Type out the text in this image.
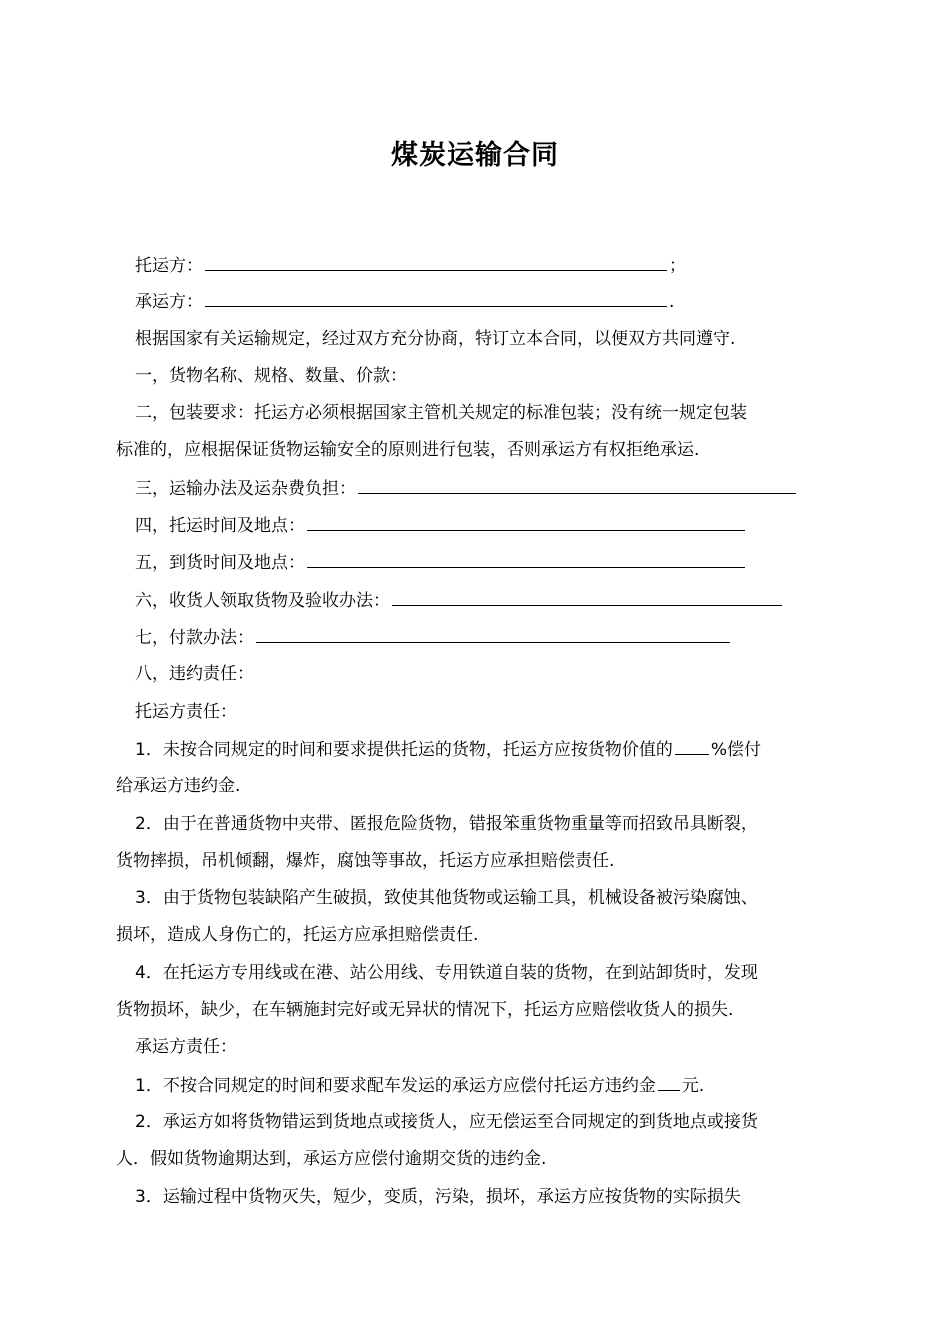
煤炭运输合同
托运方：	；
承运方：	.
根据国家有关运输规定，经过双方充分协商，特订立本合同，以便双方共同遵守.
一，货物名称、规格、数量、价款：
二，包装要求：托运方必须根据国家主管机关规定的标准包装；没有统一规定包装
标准的，应根据保证货物运输安全的原则进行包装，否则承运方有权拒绝承运.
三，运输办法及运杂费负担：
四，托运时间及地点：
五，到货时间及地点：
六，收货人领取货物及验收办法：
七，付款办法：
八，违约责任：
托运方责任：
1．未按合同规定的时间和要求提供托运的货物，托运方应按货物价值的 %偿付
给承运方违约金.
2．由于在普通货物中夹带、匿报危险货物，错报笨重货物重量等而招致吊具断裂，
货物摔损，吊机倾翻，爆炸，腐蚀等事故，托运方应承担赔偿责任.
3．由于货物包装缺陷产生破损，致使其他货物或运输工具，机械设备被污染腐蚀、
损坏，造成人身伤亡的，托运方应承担赔偿责任.
4．在托运方专用线或在港、站公用线、专用铁道自装的货物，在到站卸货时，发现
货物损坏，缺少，在车辆施封完好或无异状的情况下，托运方应赔偿收货人的损失.
承运方责任：
1．不按合同规定的时间和要求配车发运的承运方应偿付托运方违约金 元.
2．承运方如将货物错运到货地点或接货人，应无偿运至合同规定的到货地点或接货
人．假如货物逾期达到，承运方应偿付逾期交货的违约金.
3．运输过程中货物灭失，短少，变质，污染，损坏，承运方应按货物的实际损失
